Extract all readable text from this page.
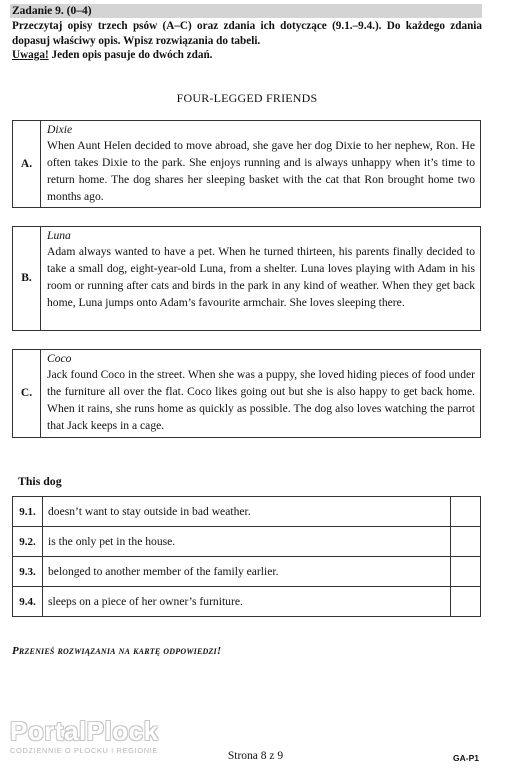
Zadanie 9. (0–4)
Przeczytaj opisy trzech psów (A–C) oraz zdania ich dotyczące (9.1.–9.4.). Do każdego zdania dopasuj właściwy opis. Wpisz rozwiązania do tabeli.
Uwaga! Jeden opis pasuje do dwóch zdań.
FOUR-LEGGED FRIENDS
A.
Dixie
When Aunt Helen decided to move abroad, she gave her dog Dixie to her nephew, Ron. He often takes Dixie to the park. She enjoys running and is always unhappy when it’s time to return home. The dog shares her sleeping basket with the cat that Ron brought home two months ago.
B.
Luna
Adam always wanted to have a pet. When he turned thirteen, his parents finally decided to take a small dog, eight-year-old Luna, from a shelter. Luna loves playing with Adam in his room or running after cats and birds in the park in any kind of weather. When they get back home, Luna jumps onto Adam’s favourite armchair. She loves sleeping there.
C.
Coco
Jack found Coco in the street. When she was a puppy, she loved hiding pieces of food under the furniture all over the flat. Coco likes going out but she is also happy to get back home. When it rains, she runs home as quickly as possible. The dog also loves watching the parrot that Jack keeps in a cage.
This dog
9.1.	doesn’t want to stay outside in bad weather.	
9.2.	is the only pet in the house.	
9.3.	belonged to another member of the family earlier.	
9.4.	sleeps on a piece of her owner’s furniture.	
Przenieś rozwiązania na kartę odpowiedzi!
PortalPlock
CODZIENNIE O PŁOCKU I REGIONIE	Strona 8 z 9	GA-P1
